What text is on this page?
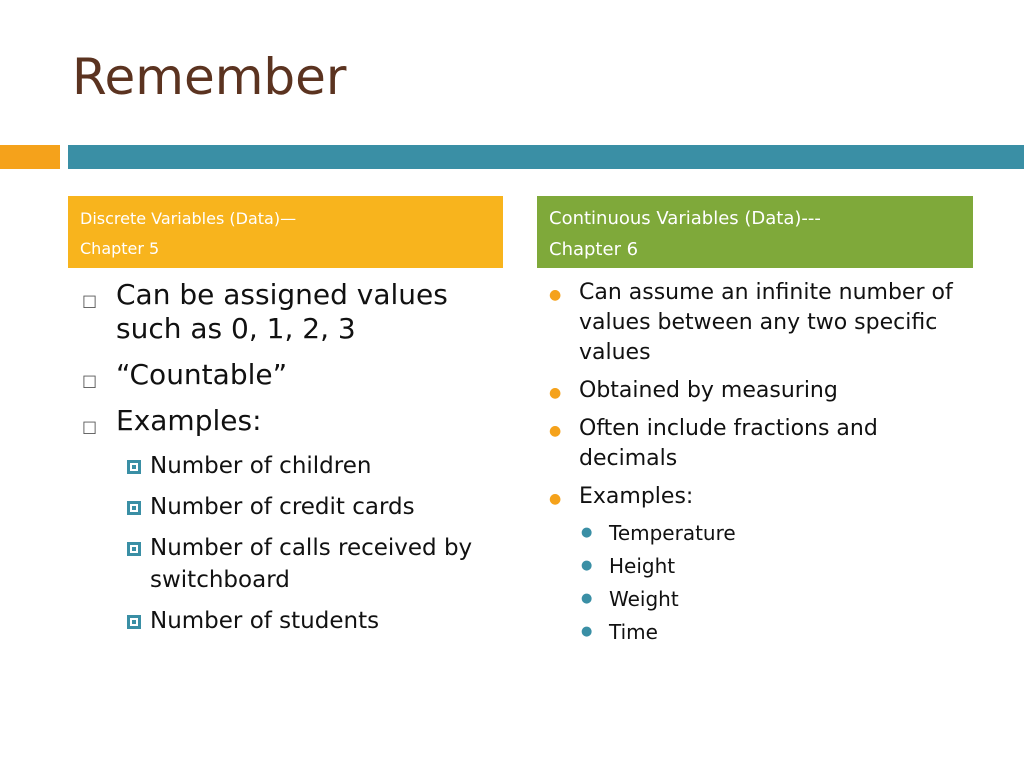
Remember
Discrete Variables (Data)—
Chapter 5
Continuous Variables (Data)---
Chapter 6
□ Can be assigned values such as 0, 1, 2, 3
□ “Countable”
□ Examples:
Number of children
Number of credit cards
Number of calls received by switchboard
Number of students
● Can assume an infinite number of values between any two specific values
● Obtained by measuring
● Often include fractions and decimals
● Examples:
● Temperature
● Height
● Weight
● Time
